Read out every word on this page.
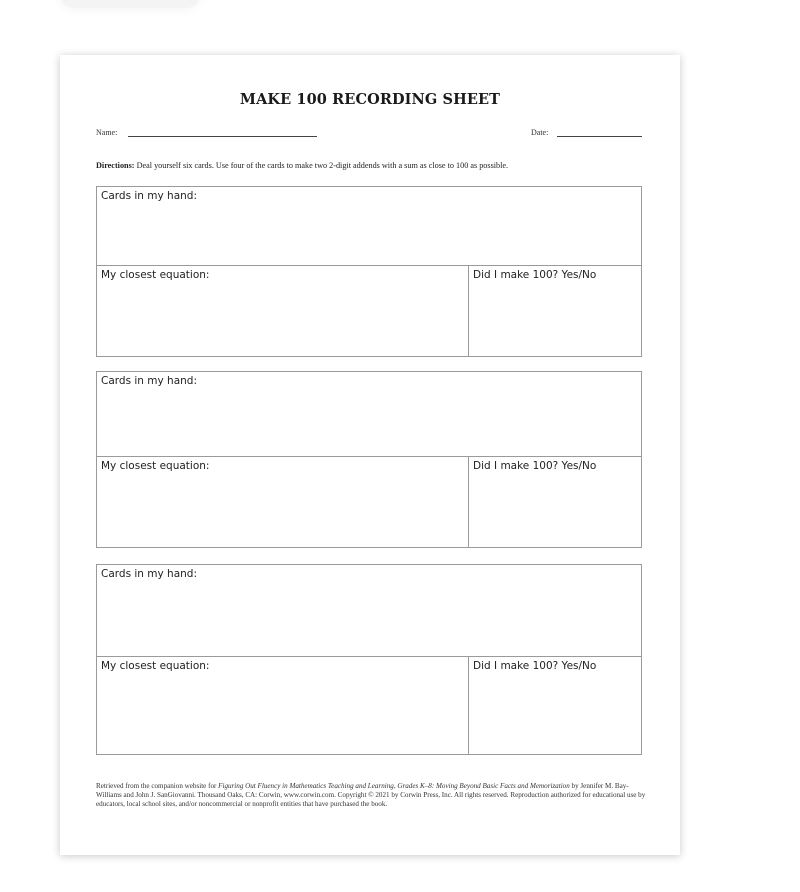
MAKE 100 RECORDING SHEET
Name:	Date:
Directions: Deal yourself six cards. Use four of the cards to make two 2-digit addends with a sum as close to 100 as possible.
Cards in my hand:
My closest equation:	Did I make 100? Yes/No
Cards in my hand:
My closest equation:	Did I make 100? Yes/No
Cards in my hand:
My closest equation:	Did I make 100? Yes/No
Retrieved from the companion website for Figuring Out Fluency in Mathematics Teaching and Learning, Grades K–8: Moving Beyond Basic Facts and Memorization by Jennifer M. Bay-Williams and John J. SanGiovanni. Thousand Oaks, CA: Corwin, www.corwin.com. Copyright © 2021 by Corwin Press, Inc. All rights reserved. Reproduction authorized for educational use by educators, local school sites, and/or noncommercial or nonprofit entities that have purchased the book.
